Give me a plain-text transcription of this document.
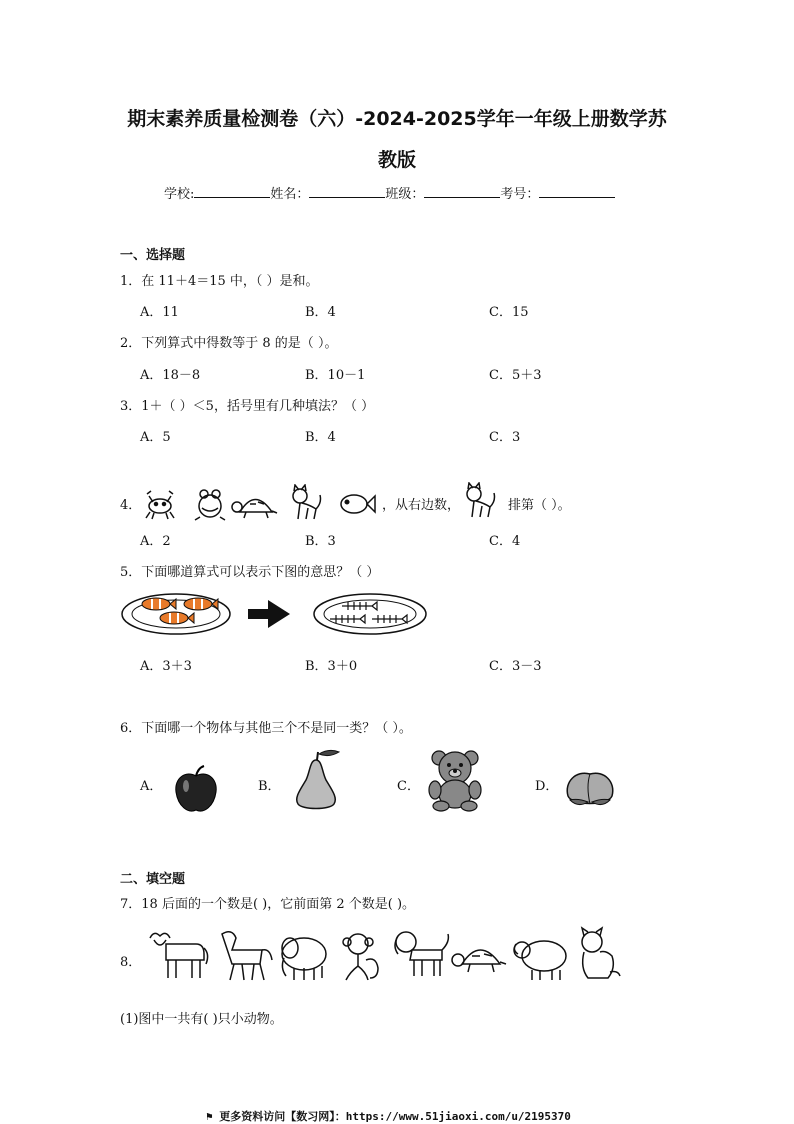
期末素养质量检测卷（六）-2024-2025学年一年级上册数学苏
教版
学校:	姓名：	班级：	考号：
一、选择题
1．在 11＋4＝15 中，（ ）是和。
A．11	B．4	C．15
2．下列算式中得数等于 8 的是（ ）。
A．18－8	B．10－1	C．5＋3
3．1＋（ ）＜5，括号里有几种填法？（ ）
A．5	B．4	C．3
4．	，从右边数，	排第（ ）。
A．2	B．3	C．4
5．下面哪道算式可以表示下图的意思？（ ）
A．3＋3	B．3＋0	C．3－3
6．下面哪一个物体与其他三个不是同一类？（ ）。
A．	B．	C．	D．
二、填空题
7．18 后面的一个数是( )，它前面第 2 个数是( )。
8．
(1)图中一共有( )只小动物。
⚑ 更多资料访问【数习网】：https://www.51jiaoxi.com/u/2195370
